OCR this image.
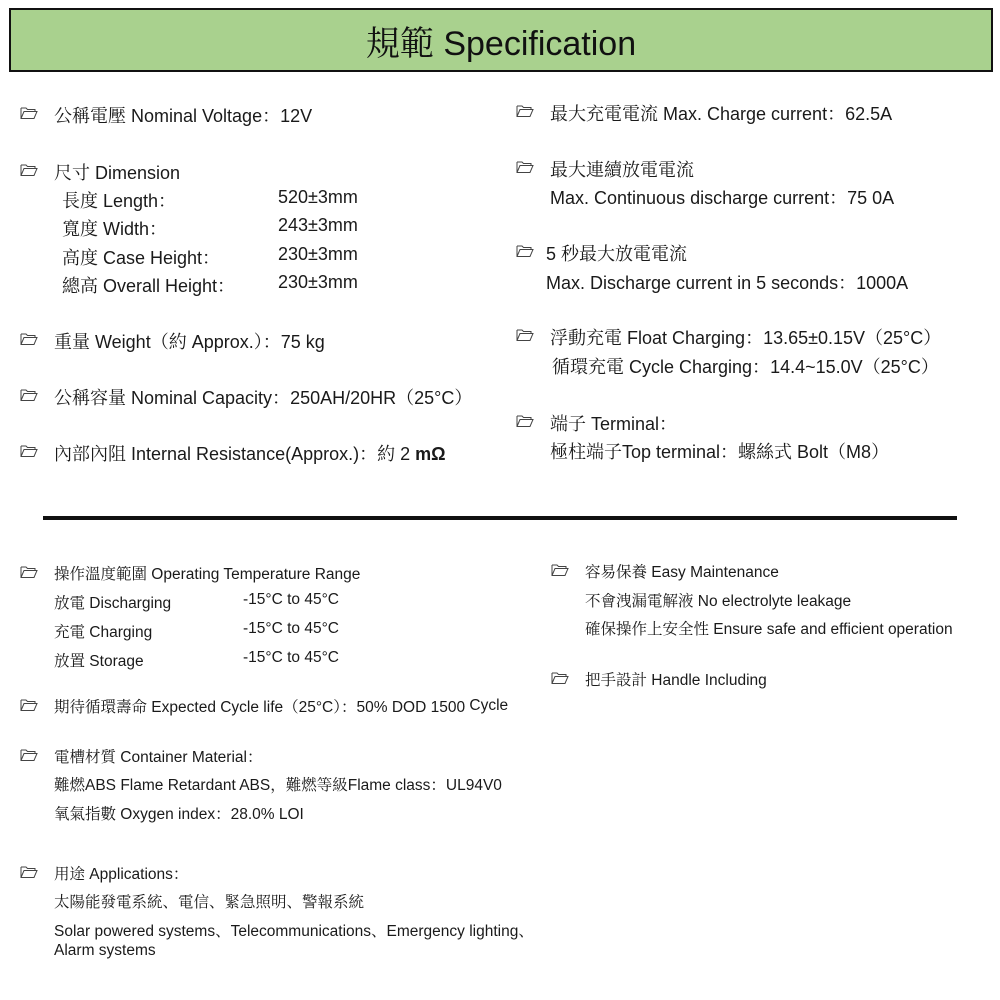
規範 Specification
公稱電壓 Nominal Voltage：12V
尺寸 Dimension
長度 Length：	520±3mm
寬度 Width：	243±3mm
高度 Case Height：	230±3mm
總高 Overall Height： 230±3mm
重量 Weight（約 Approx.）：75 kg
公稱容量 Nominal Capacity：250AH/20HR（25°C）
內部內阻 Internal Resistance(Approx.)：約 2 mΩ
最大充電電流 Max. Charge current：62.5A
最大連續放電電流
Max. Continuous discharge current：75 0A
5 秒最大放電電流
Max. Discharge current in 5 seconds：1000A
浮動充電 Float Charging：13.65±0.15V（25°C）
循環充電 Cycle Charging：14.4~15.0V（25°C）
端子 Terminal：
極柱端子Top terminal：螺絲式 Bolt（M8）
操作溫度範圍 Operating Temperature Range
放電 Discharging	-15°C to 45°C
充電 Charging	-15°C to 45°C
放置 Storage	-15°C to 45°C
期待循環壽命 Expected Cycle life（25°C）：50% DOD 1500 Cycle
電槽材質 Container Material：
難燃ABS Flame Retardant ABS，難燃等級Flame class：UL94V0
氧氣指數 Oxygen index：28.0% LOI
用途 Applications：
太陽能發電系統、電信、緊急照明、警報系統
Solar powered systems、Telecommunications、Emergency lighting、
Alarm systems
容易保養 Easy Maintenance
不會洩漏電解液 No electrolyte leakage
確保操作上安全性 Ensure safe and efficient operation
把手設計 Handle Including
